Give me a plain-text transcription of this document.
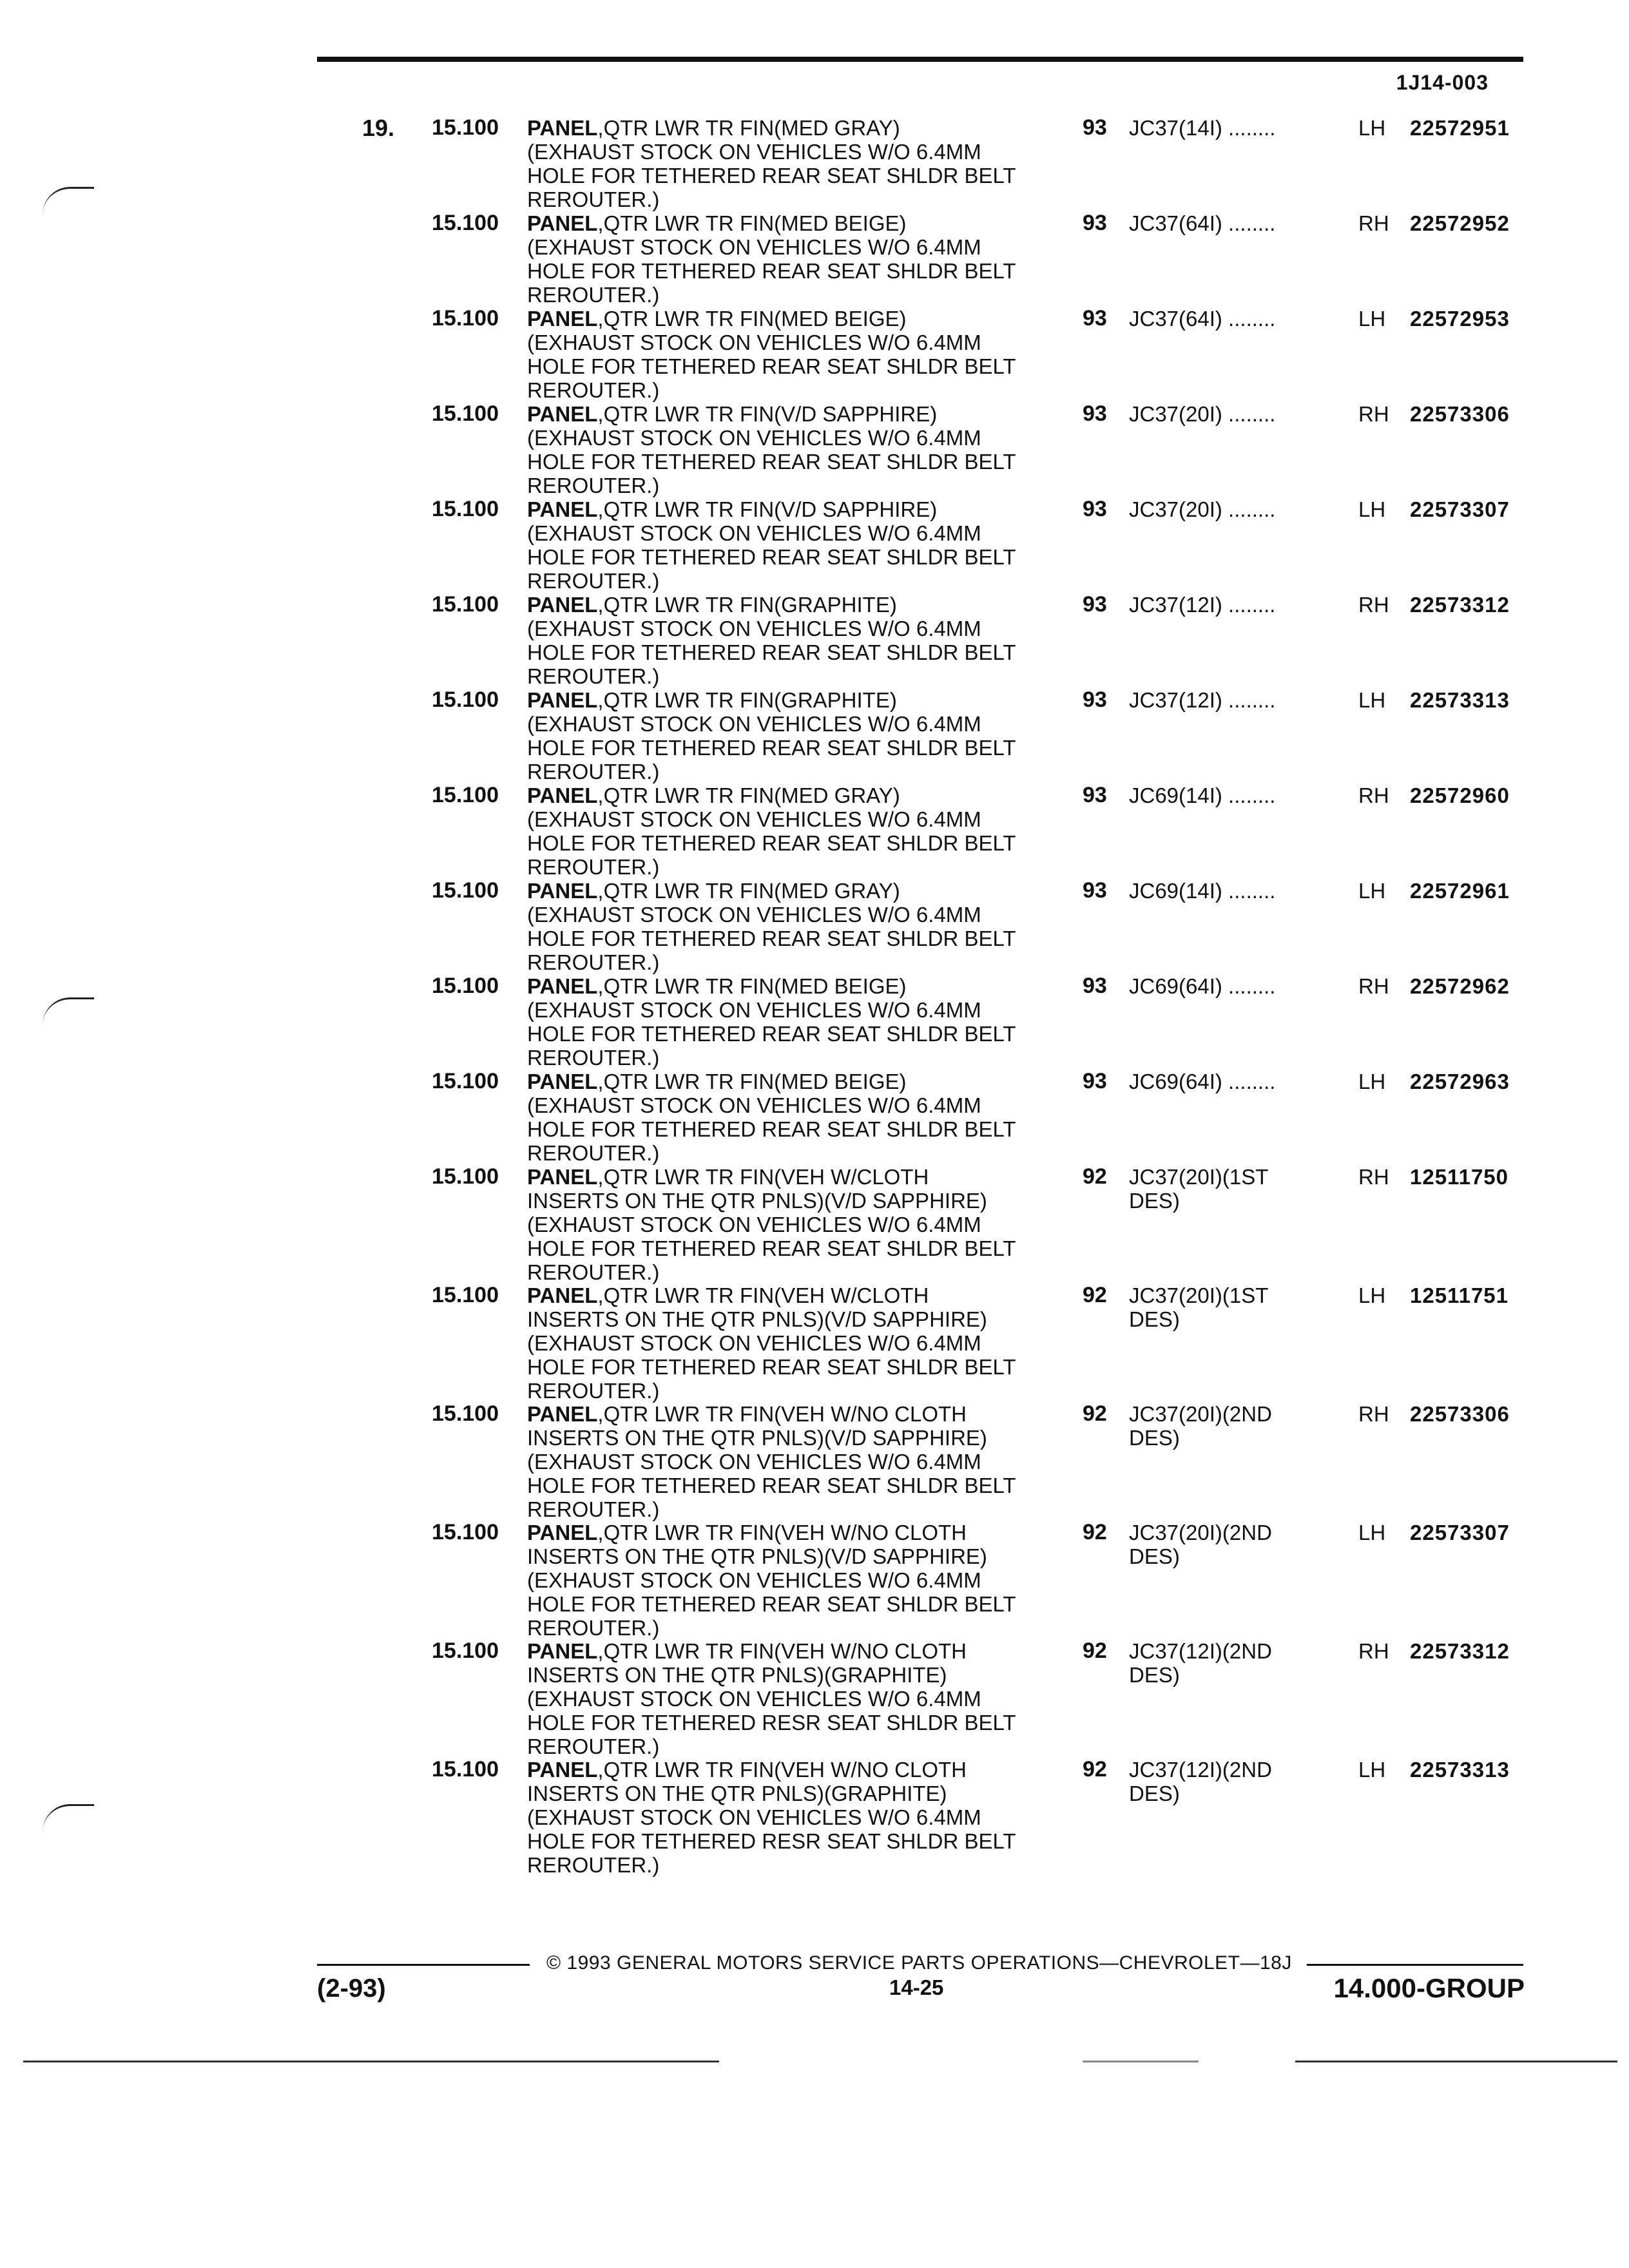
1J14-003
19. 15.100 PANEL,QTR LWR TR FIN(MED GRAY)
(EXHAUST STOCK ON VEHICLES W/O 6.4MM
HOLE FOR TETHERED REAR SEAT SHLDR BELT
REROUTER.)
93 JC37(14I) ........	LH 22572951
15.100 PANEL,QTR LWR TR FIN(MED BEIGE)
(EXHAUST STOCK ON VEHICLES W/O 6.4MM
HOLE FOR TETHERED REAR SEAT SHLDR BELT
REROUTER.)
93 JC37(64I) ........	RH 22572952
15.100 PANEL,QTR LWR TR FIN(MED BEIGE)
(EXHAUST STOCK ON VEHICLES W/O 6.4MM
HOLE FOR TETHERED REAR SEAT SHLDR BELT
REROUTER.)
93 JC37(64I) ........	LH 22572953
15.100 PANEL,QTR LWR TR FIN(V/D SAPPHIRE)
(EXHAUST STOCK ON VEHICLES W/O 6.4MM
HOLE FOR TETHERED REAR SEAT SHLDR BELT
REROUTER.)
93 JC37(20I) ........	RH 22573306
15.100 PANEL,QTR LWR TR FIN(V/D SAPPHIRE)
(EXHAUST STOCK ON VEHICLES W/O 6.4MM
HOLE FOR TETHERED REAR SEAT SHLDR BELT
REROUTER.)
93 JC37(20I) ........	LH 22573307
15.100 PANEL,QTR LWR TR FIN(GRAPHITE)
(EXHAUST STOCK ON VEHICLES W/O 6.4MM
HOLE FOR TETHERED REAR SEAT SHLDR BELT
REROUTER.)
93 JC37(12I) ........	RH 22573312
15.100 PANEL,QTR LWR TR FIN(GRAPHITE)
(EXHAUST STOCK ON VEHICLES W/O 6.4MM
HOLE FOR TETHERED REAR SEAT SHLDR BELT
REROUTER.)
93 JC37(12I) ........	LH 22573313
15.100 PANEL,QTR LWR TR FIN(MED GRAY)
(EXHAUST STOCK ON VEHICLES W/O 6.4MM
HOLE FOR TETHERED REAR SEAT SHLDR BELT
REROUTER.)
93 JC69(14I) ........	RH 22572960
15.100 PANEL,QTR LWR TR FIN(MED GRAY)
(EXHAUST STOCK ON VEHICLES W/O 6.4MM
HOLE FOR TETHERED REAR SEAT SHLDR BELT
REROUTER.)
93 JC69(14I) ........	LH 22572961
15.100 PANEL,QTR LWR TR FIN(MED BEIGE)
(EXHAUST STOCK ON VEHICLES W/O 6.4MM
HOLE FOR TETHERED REAR SEAT SHLDR BELT
REROUTER.)
93 JC69(64I) ........	RH 22572962
15.100 PANEL,QTR LWR TR FIN(MED BEIGE)
(EXHAUST STOCK ON VEHICLES W/O 6.4MM
HOLE FOR TETHERED REAR SEAT SHLDR BELT
REROUTER.)
93 JC69(64I) ........	LH 22572963
15.100 PANEL,QTR LWR TR FIN(VEH W/CLOTH
INSERTS ON THE QTR PNLS)(V/D SAPPHIRE)
(EXHAUST STOCK ON VEHICLES W/O 6.4MM
HOLE FOR TETHERED REAR SEAT SHLDR BELT
REROUTER.)
92 JC37(20I)(1ST
DES)
RH 12511750
15.100 PANEL,QTR LWR TR FIN(VEH W/CLOTH
INSERTS ON THE QTR PNLS)(V/D SAPPHIRE)
(EXHAUST STOCK ON VEHICLES W/O 6.4MM
HOLE FOR TETHERED REAR SEAT SHLDR BELT
REROUTER.)
92 JC37(20I)(1ST
DES)
LH 12511751
15.100 PANEL,QTR LWR TR FIN(VEH W/NO CLOTH
INSERTS ON THE QTR PNLS)(V/D SAPPHIRE)
(EXHAUST STOCK ON VEHICLES W/O 6.4MM
HOLE FOR TETHERED REAR SEAT SHLDR BELT
REROUTER.)
92 JC37(20I)(2ND
DES)
RH 22573306
15.100 PANEL,QTR LWR TR FIN(VEH W/NO CLOTH
INSERTS ON THE QTR PNLS)(V/D SAPPHIRE)
(EXHAUST STOCK ON VEHICLES W/O 6.4MM
HOLE FOR TETHERED REAR SEAT SHLDR BELT
REROUTER.)
92 JC37(20I)(2ND
DES)
LH 22573307
15.100 PANEL,QTR LWR TR FIN(VEH W/NO CLOTH
INSERTS ON THE QTR PNLS)(GRAPHITE)
(EXHAUST STOCK ON VEHICLES W/O 6.4MM
HOLE FOR TETHERED RESR SEAT SHLDR BELT
REROUTER.)
92 JC37(12I)(2ND
DES)
RH 22573312
15.100 PANEL,QTR LWR TR FIN(VEH W/NO CLOTH
INSERTS ON THE QTR PNLS)(GRAPHITE)
(EXHAUST STOCK ON VEHICLES W/O 6.4MM
HOLE FOR TETHERED RESR SEAT SHLDR BELT
REROUTER.)
92 JC37(12I)(2ND
DES)
LH 22573313
© 1993 GENERAL MOTORS SERVICE PARTS OPERATIONS—CHEVROLET—18J
(2-93)	14-25	14.000-GROUP
